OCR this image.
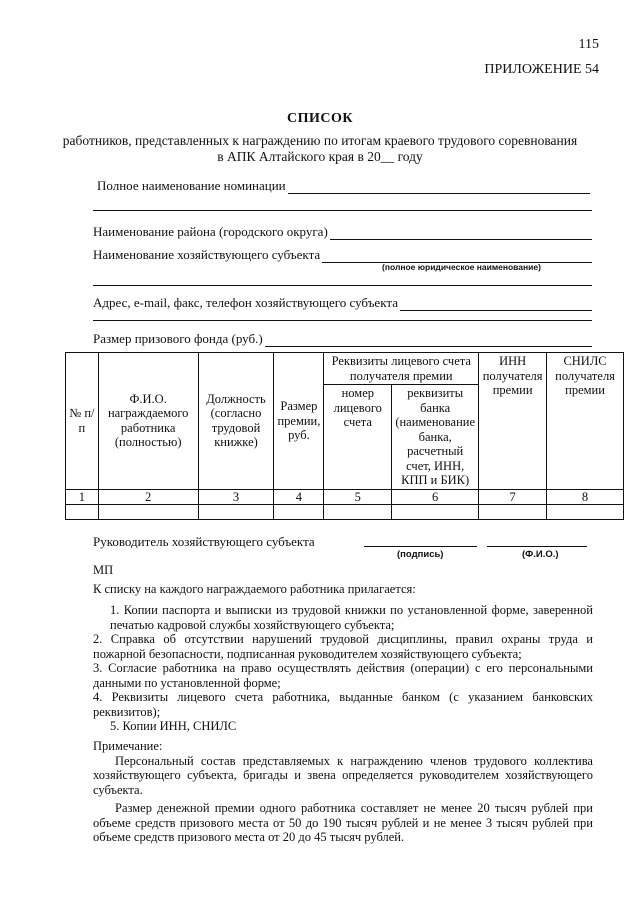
115
ПРИЛОЖЕНИЕ 54
СПИСОК
работников, представленных к награждению по итогам краевого трудового соревнования
в АПК Алтайского края в 20__ году
Полное наименование номинации
Наименование района (городского округа)
Наименование хозяйствующего субъекта
(полное юридическое наименование)
Адрес, e-mail, факс, телефон хозяйствующего субъекта
Размер призового фонда (руб.)
№ п/п	Ф.И.О. награждаемого работника (полностью)	Должность (согласно трудовой книжке)	Размер премии, руб.	Реквизиты лицевого счета получателя премии		ИНН получателя премии	СНИЛС получателя премии
				номер лицевого счета	реквизиты банка (наименование банка, расчетный счет, ИНН, КПП и БИК)		
1	2	3	4	5	6	7	8

Руководитель хозяйствующего субъекта
(подпись)	(Ф.И.О.)
МП
К списку на каждого награждаемого работника прилагается:
1. Копии паспорта и выписки из трудовой книжки по установленной форме, заверенной печатью кадровой службы хозяйствующего субъекта;
2. Справка об отсутствии нарушений трудовой дисциплины, правил охраны труда и пожарной безопасности, подписанная руководителем хозяйствующего субъекта;
3. Согласие работника на право осуществлять действия (операции) с его персональными данными по установленной форме;
4. Реквизиты лицевого счета работника, выданные банком (с указанием банковских реквизитов);
5. Копии ИНН, СНИЛС

Примечание:

Персональный состав представляемых к награждению членов трудового коллектива хозяйствующего субъекта, бригады и звена определяется руководителем хозяйствующего субъекта.

Размер денежной премии одного работника составляет не менее 20 тысяч рублей при объеме средств призового места от 50 до 190 тысяч рублей и не менее 3 тысяч рублей при объеме средств призового места от 20 до 45 тысяч рублей.
